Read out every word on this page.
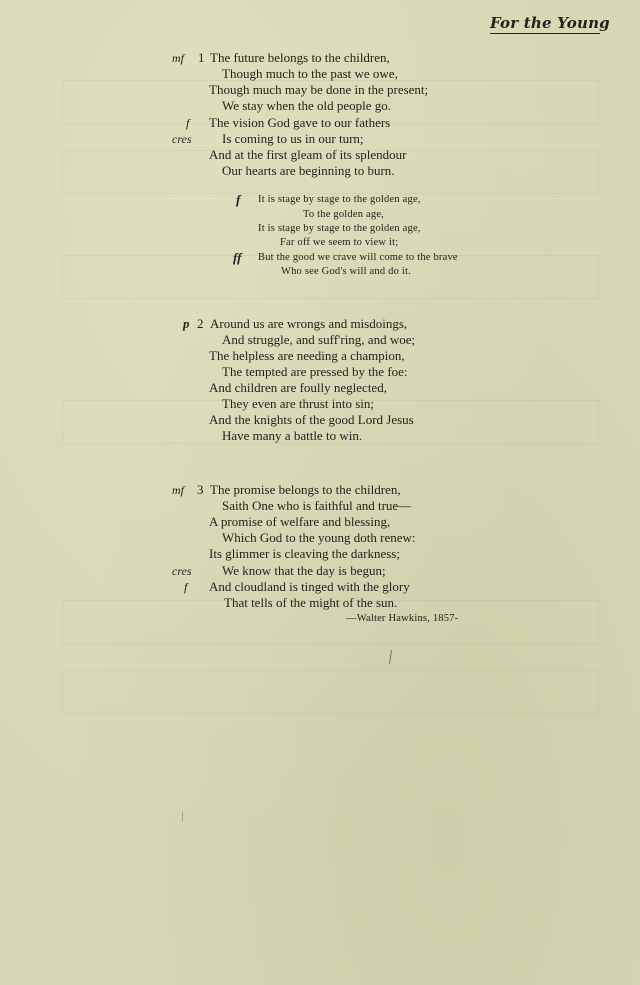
For the Young
mf 1 The future belongs to the children,
Though much to the past we owe,
Though much may be done in the present;
We stay when the old people go.
f The vision God gave to our fathers
cres Is coming to us in our turn;
And at the first gleam of its splendour
Our hearts are beginning to burn.
f It is stage by stage to the golden age,
To the golden age,
It is stage by stage to the golden age,
Far off we seem to view it;
ff But the good we crave will come to the brave
Who see God's will and do it.
p 2 Around us are wrongs and misdoings,
And struggle, and suff'ring, and woe;
The helpless are needing a champion,
The tempted are pressed by the foe:
And children are foully neglected,
They even are thrust into sin;
And the knights of the good Lord Jesus
Have many a battle to win.
mf 3 The promise belongs to the children,
Saith One who is faithful and true—
A promise of welfare and blessing,
Which God to the young doth renew:
Its glimmer is cleaving the darkness;
cres We know that the day is begun;
f And cloudland is tinged with the glory
That tells of the might of the sun.
—Walter Hawkins, 1857-
